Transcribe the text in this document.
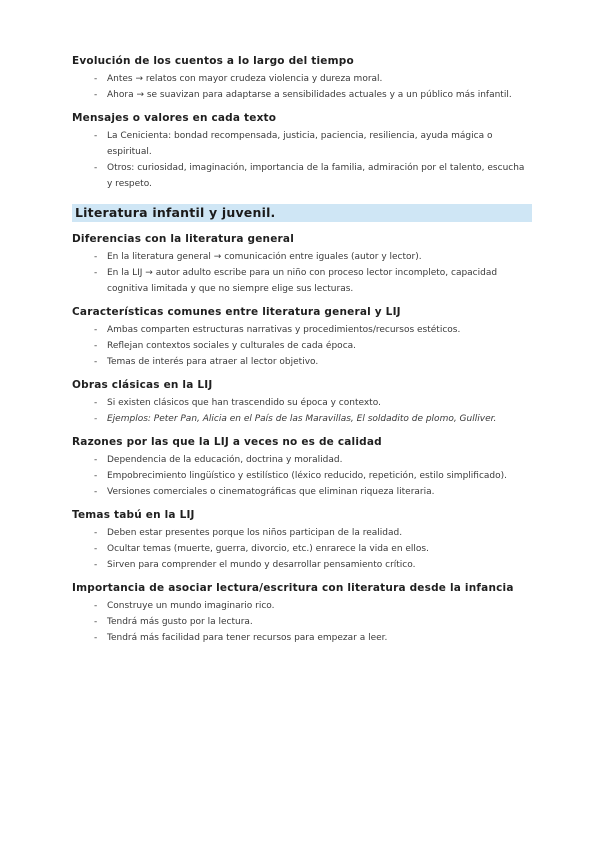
Evolución de los cuentos a lo largo del tiempo
- Antes → relatos con mayor crudeza violencia y dureza moral.
- Ahora → se suavizan para adaptarse a sensibilidades actuales y a un público más infantil.
Mensajes o valores en cada texto
- La Cenicienta: bondad recompensada, justicia, paciencia, resiliencia, ayuda mágica o espiritual.
- Otros: curiosidad, imaginación, importancia de la familia, admiración por el talento, escucha y respeto.
Literatura infantil y juvenil.
Diferencias con la literatura general
- En la literatura general → comunicación entre iguales (autor y lector).
- En la LIJ → autor adulto escribe para un niño con proceso lector incompleto, capacidad cognitiva limitada y que no siempre elige sus lecturas.
Características comunes entre literatura general y LIJ
- Ambas comparten estructuras narrativas y procedimientos/recursos estéticos.
- Reflejan contextos sociales y culturales de cada época.
- Temas de interés para atraer al lector objetivo.
Obras clásicas en la LIJ
- Si existen clásicos que han trascendido su época y contexto.
- Ejemplos: Peter Pan, Alicia en el País de las Maravillas, El soldadito de plomo, Gulliver.
Razones por las que la LIJ a veces no es de calidad
- Dependencia de la educación, doctrina y moralidad.
- Empobrecimiento lingüístico y estilístico (léxico reducido, repetición, estilo simplificado).
- Versiones comerciales o cinematográficas que eliminan riqueza literaria.
Temas tabú en la LIJ
- Deben estar presentes porque los niños participan de la realidad.
- Ocultar temas (muerte, guerra, divorcio, etc.) enrarece la vida en ellos.
- Sirven para comprender el mundo y desarrollar pensamiento crítico.
Importancia de asociar lectura/escritura con literatura desde la infancia
- Construye un mundo imaginario rico.
- Tendrá más gusto por la lectura.
- Tendrá más facilidad para tener recursos para empezar a leer.
